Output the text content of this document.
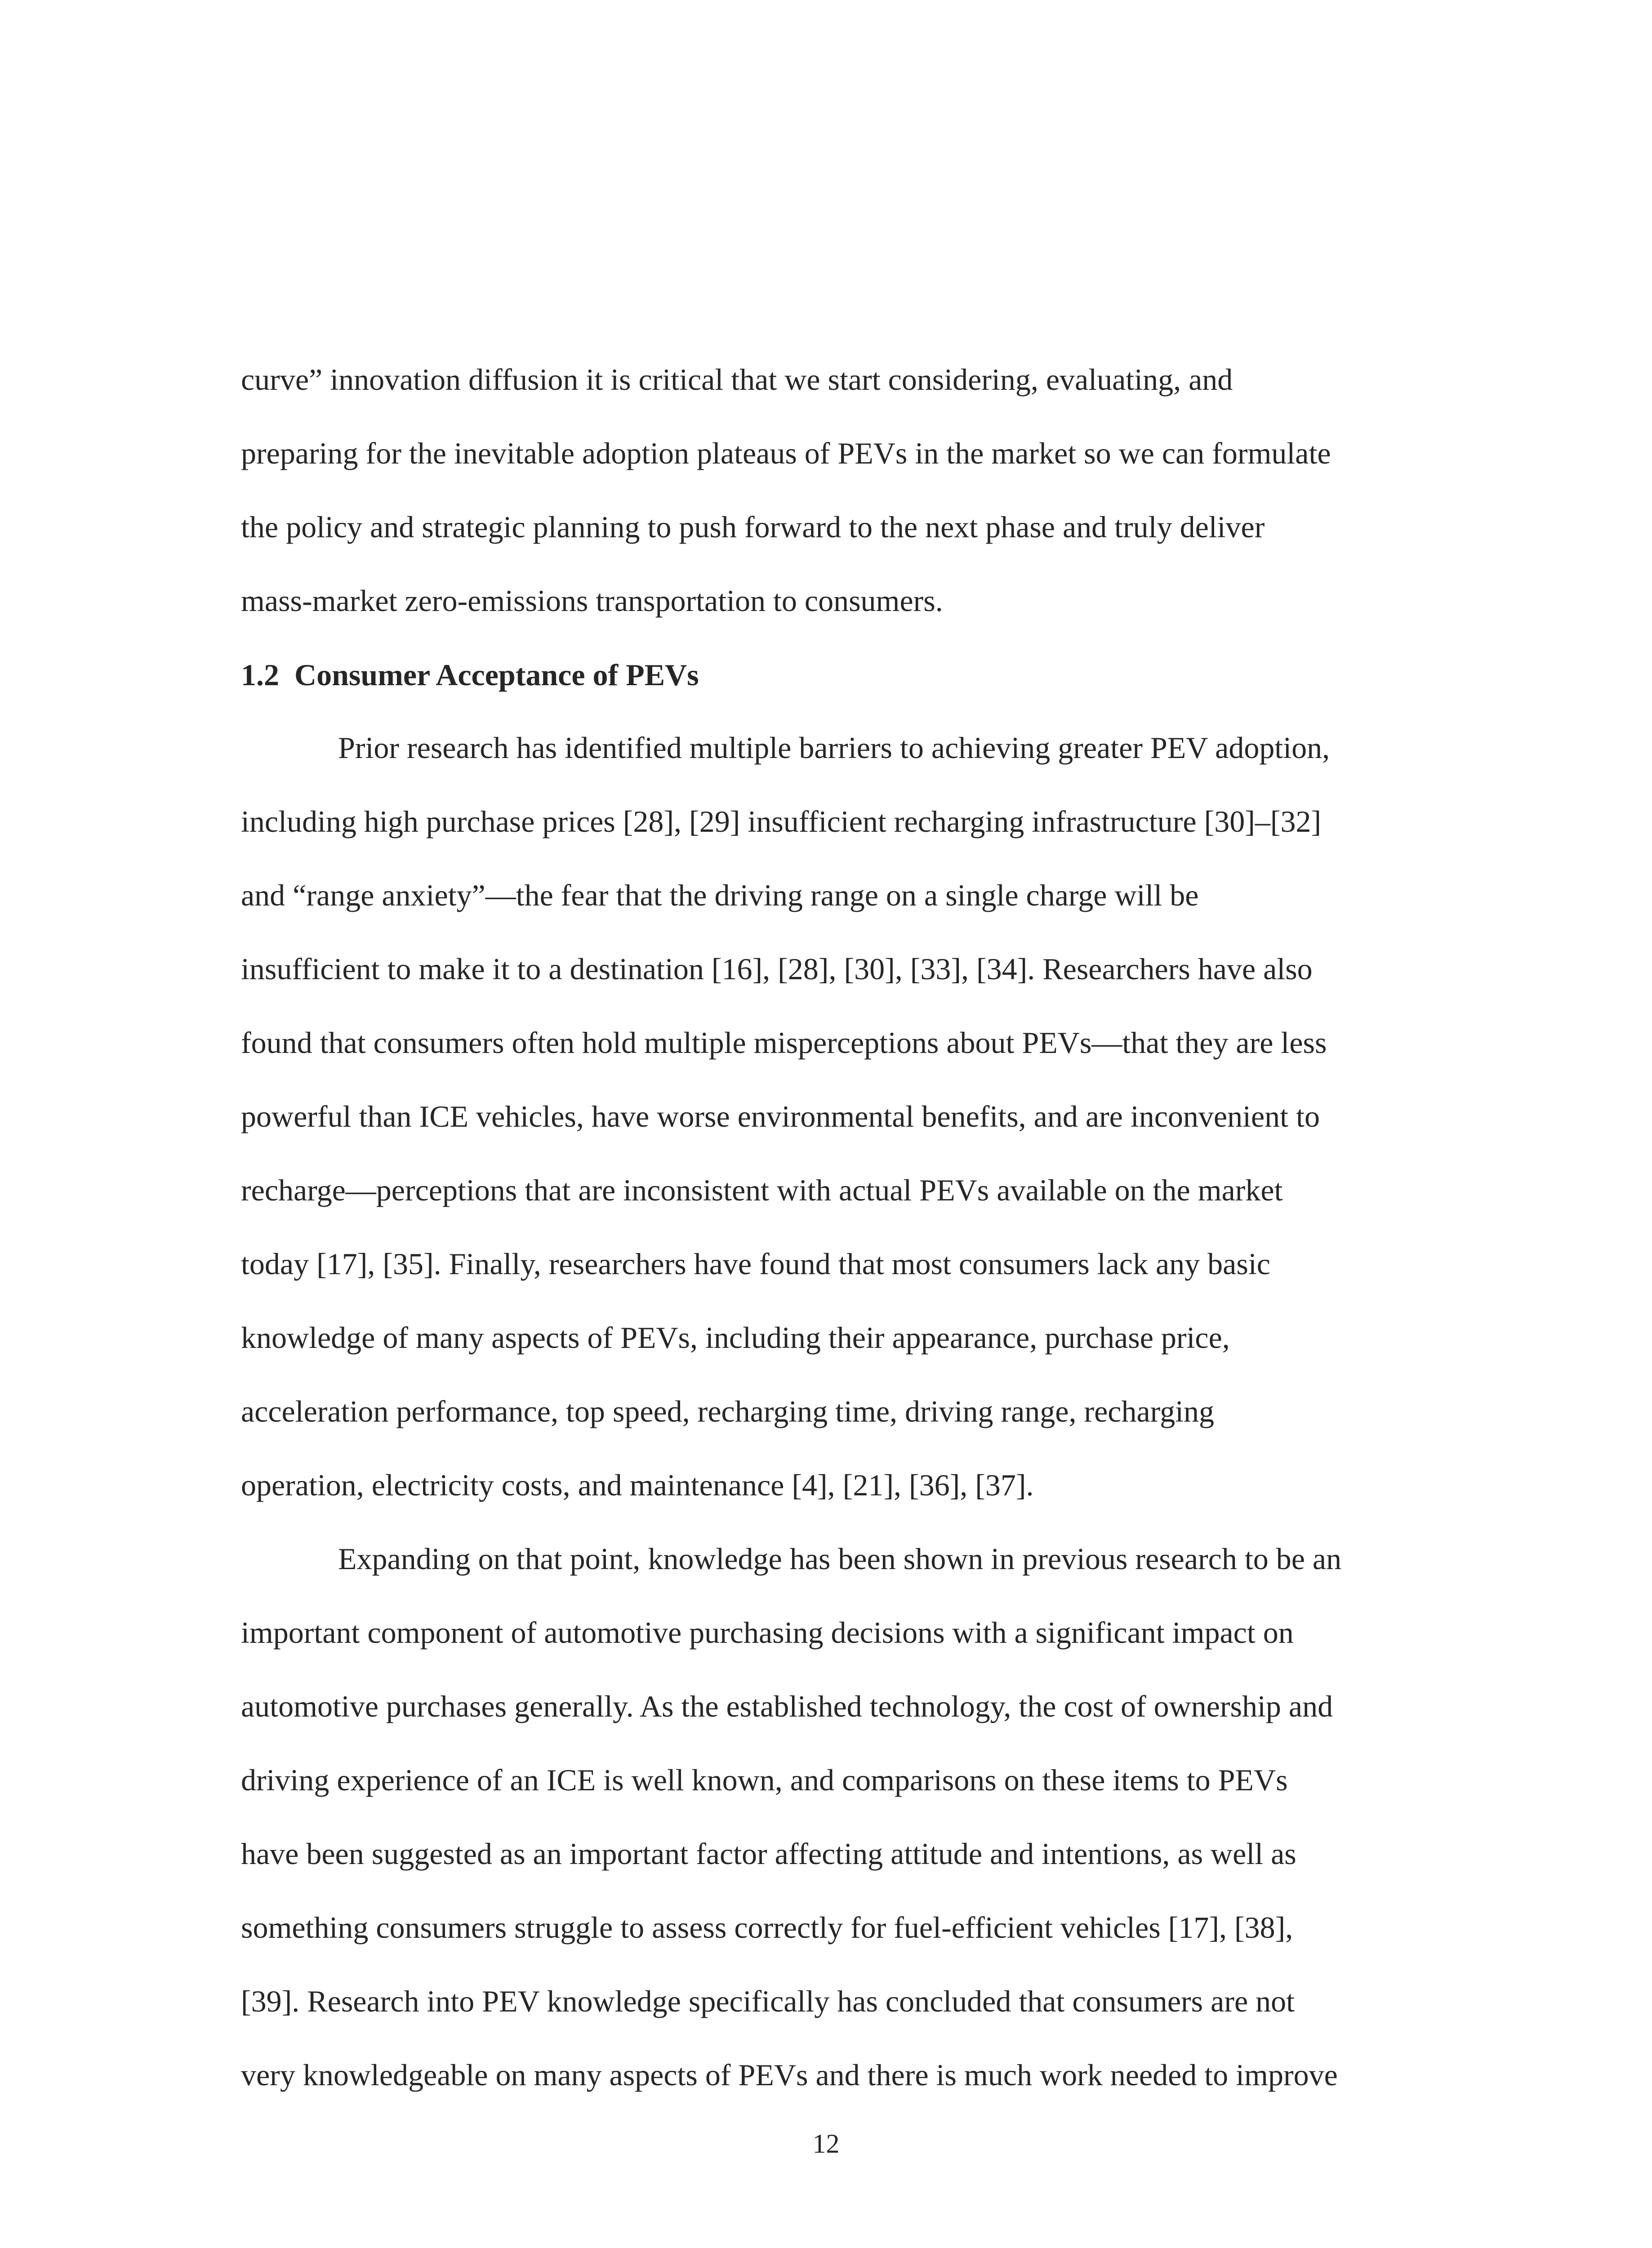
curve” innovation diffusion it is critical that we start considering, evaluating, and
preparing for the inevitable adoption plateaus of PEVs in the market so we can formulate
the policy and strategic planning to push forward to the next phase and truly deliver
mass-market zero-emissions transportation to consumers.
1.2  Consumer Acceptance of PEVs
Prior research has identified multiple barriers to achieving greater PEV adoption,
including high purchase prices [28], [29] insufficient recharging infrastructure [30]–[32]
and “range anxiety”—the fear that the driving range on a single charge will be
insufficient to make it to a destination [16], [28], [30], [33], [34]. Researchers have also
found that consumers often hold multiple misperceptions about PEVs—that they are less
powerful than ICE vehicles, have worse environmental benefits, and are inconvenient to
recharge—perceptions that are inconsistent with actual PEVs available on the market
today [17], [35]. Finally, researchers have found that most consumers lack any basic
knowledge of many aspects of PEVs, including their appearance, purchase price,
acceleration performance, top speed, recharging time, driving range, recharging
operation, electricity costs, and maintenance [4], [21], [36], [37].
Expanding on that point, knowledge has been shown in previous research to be an
important component of automotive purchasing decisions with a significant impact on
automotive purchases generally. As the established technology, the cost of ownership and
driving experience of an ICE is well known, and comparisons on these items to PEVs
have been suggested as an important factor affecting attitude and intentions, as well as
something consumers struggle to assess correctly for fuel-efficient vehicles [17], [38],
[39]. Research into PEV knowledge specifically has concluded that consumers are not
very knowledgeable on many aspects of PEVs and there is much work needed to improve
12
